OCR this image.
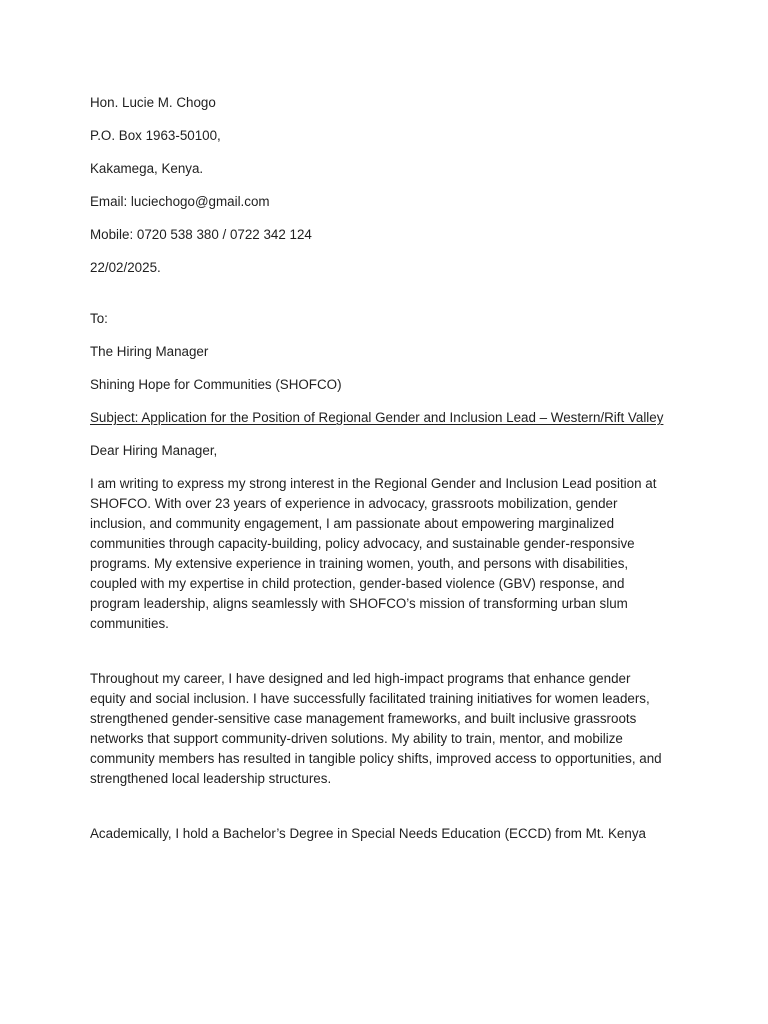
Hon. Lucie M. Chogo
P.O. Box 1963-50100,
Kakamega, Kenya.
Email: luciechogo@gmail.com
Mobile: 0720 538 380 / 0722 342 124
22/02/2025.
To:
The Hiring Manager
Shining Hope for Communities (SHOFCO)
Subject: Application for the Position of Regional Gender and Inclusion Lead – Western/Rift Valley
Dear Hiring Manager,
I am writing to express my strong interest in the Regional Gender and Inclusion Lead position at SHOFCO. With over 23 years of experience in advocacy, grassroots mobilization, gender inclusion, and community engagement, I am passionate about empowering marginalized communities through capacity-building, policy advocacy, and sustainable gender-responsive programs. My extensive experience in training women, youth, and persons with disabilities, coupled with my expertise in child protection, gender-based violence (GBV) response, and program leadership, aligns seamlessly with SHOFCO’s mission of transforming urban slum communities.
Throughout my career, I have designed and led high-impact programs that enhance gender equity and social inclusion. I have successfully facilitated training initiatives for women leaders, strengthened gender-sensitive case management frameworks, and built inclusive grassroots networks that support community-driven solutions. My ability to train, mentor, and mobilize community members has resulted in tangible policy shifts, improved access to opportunities, and strengthened local leadership structures.
Academically, I hold a Bachelor’s Degree in Special Needs Education (ECCD) from Mt. Kenya
